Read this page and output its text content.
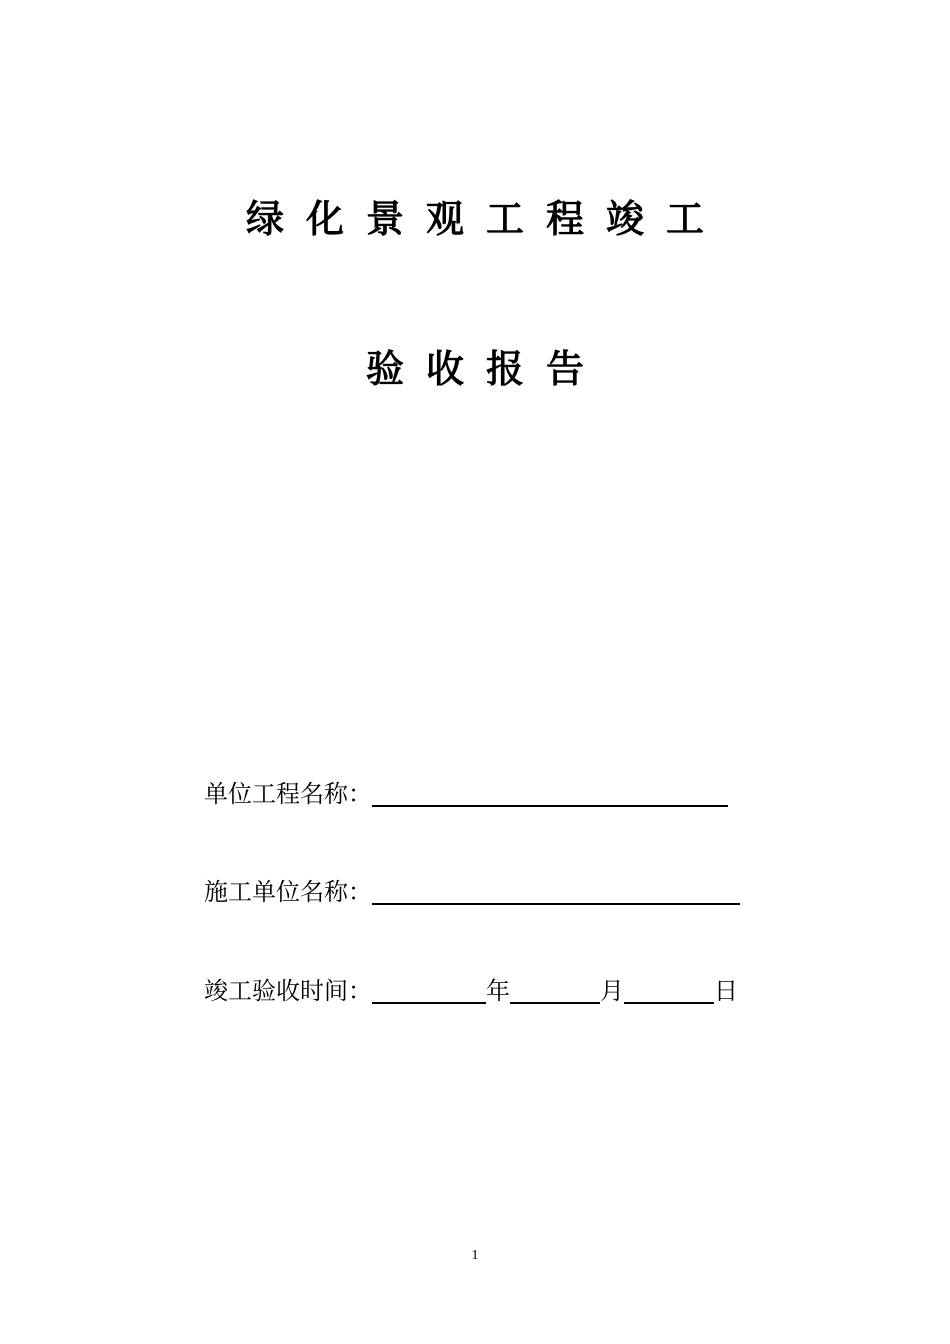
绿化景观工程竣工
验收报告
单位工程名称：
施工单位名称：
竣工验收时间：	年	月	日
1
